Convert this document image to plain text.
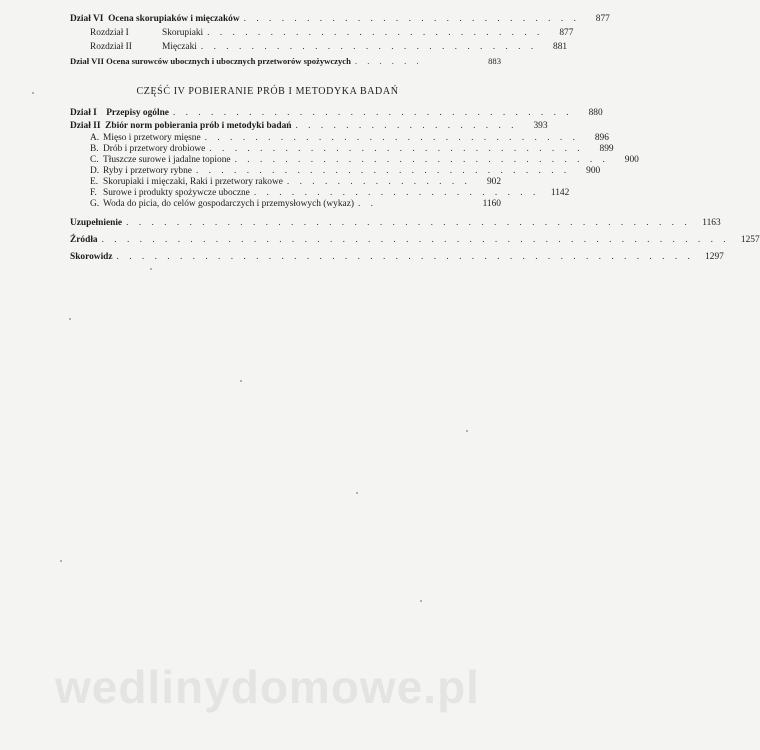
Dział VI Ocena skorupiaków i mięczaków . . . . . . . . . . . . . . . . . . . . . . . . . . .	877
Rozdział I	Skorupiaki . . . . . . . . . . . . . . . . . . . . . . . . . . .	877
Rozdział II	Mięczaki . . . . . . . . . . . . . . . . . . . . . . . . . . .	881
Dział VII Ocena surowców ubocznych i ubocznych przetworów spożywczych . . . . . .	883
CZĘŚĆ IV POBIERANIE PRÓB I METODYKA BADAŃ
Dział I Przepisy ogólne . . . . . . . . . . . . . . . . . . . . . . . . . . . . . . . .	880
Dział II Zbiór norm pobierania prób i metodyki badań . . . . . . . . . . . . . . . . . .	393
A. Mięso i przetwory mięsne . . . . . . . . . . . . . . . . . . . . . . . . . . . . . .	896
B. Drób i przetwory drobiowe . . . . . . . . . . . . . . . . . . . . . . . . . . . . . .	899
C. Tłuszcze surowe i jadalne topione . . . . . . . . . . . . . . . . . . . . . . . . . . . . . .	900
D. Ryby i przetwory rybne . . . . . . . . . . . . . . . . . . . . . . . . . . . . . .	900
E. Skorupiaki i mięczaki, Raki i przetwory rakowe . . . . . . . . . . . . . . .	902
F. Surowe i produkty spożywcze uboczne . . . . . . . . . . . . . . . . . . . . . . .	1142
G. Woda do picia, do celów gospodarczych i przemysłowych (wykaz) . .	1160
Uzupełnienie . . . . . . . . . . . . . . . . . . . . . . . . . . . . . . . . . . . . . . . . . . . . .	1163
Źródła . . . . . . . . . . . . . . . . . . . . . . . . . . . . . . . . . . . . . . . . . . . . . . . . . .	1257
Skorowidz . . . . . . . . . . . . . . . . . . . . . . . . . . . . . . . . . . . . . . . . . . . . . .	1297
wedlinydomowe.pl
